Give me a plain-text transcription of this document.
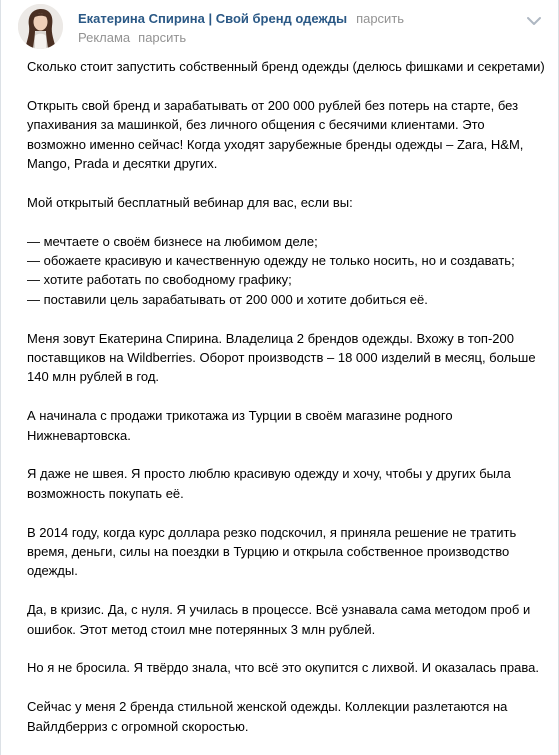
Екатерина Спирина | Свой бренд одежды парсить
Реклама парсить

Сколько стоит запустить собственный бренд одежды (делюсь фишками и секретами)

Открыть свой бренд и зарабатывать от 200 000 рублей без потерь на старте, без упахивания за машинкой, без личного общения с бесячими клиентами. Это возможно именно сейчас! Когда уходят зарубежные бренды одежды – Zara, H&M, Mango, Prada и десятки других.

Мой открытый бесплатный вебинар для вас, если вы:

— мечтаете о своём бизнесе на любимом деле;
— обожаете красивую и качественную одежду не только носить, но и создавать;
— хотите работать по свободному графику;
— поставили цель зарабатывать от 200 000 и хотите добиться её.

Меня зовут Екатерина Спирина. Владелица 2 брендов одежды. Вхожу в топ-200 поставщиков на Wildberries. Оборот производств – 18 000 изделий в месяц, больше 140 млн рублей в год.

А начинала с продажи трикотажа из Турции в своём магазине родного Нижневартовска.

Я даже не швея. Я просто люблю красивую одежду и хочу, чтобы у других была возможность покупать её.

В 2014 году, когда курс доллара резко подскочил, я приняла решение не тратить время, деньги, силы на поездки в Турцию и открыла собственное производство одежды.

Да, в кризис. Да, с нуля. Я училась в процессе. Всё узнавала сама методом проб и ошибок. Этот метод стоил мне потерянных 3 млн рублей.

Но я не бросила. Я твёрдо знала, что всё это окупится с лихвой. И оказалась права.

Сейчас у меня 2 бренда стильной женской одежды. Коллекции разлетаются на Вайлдберриз с огромной скоростью.
